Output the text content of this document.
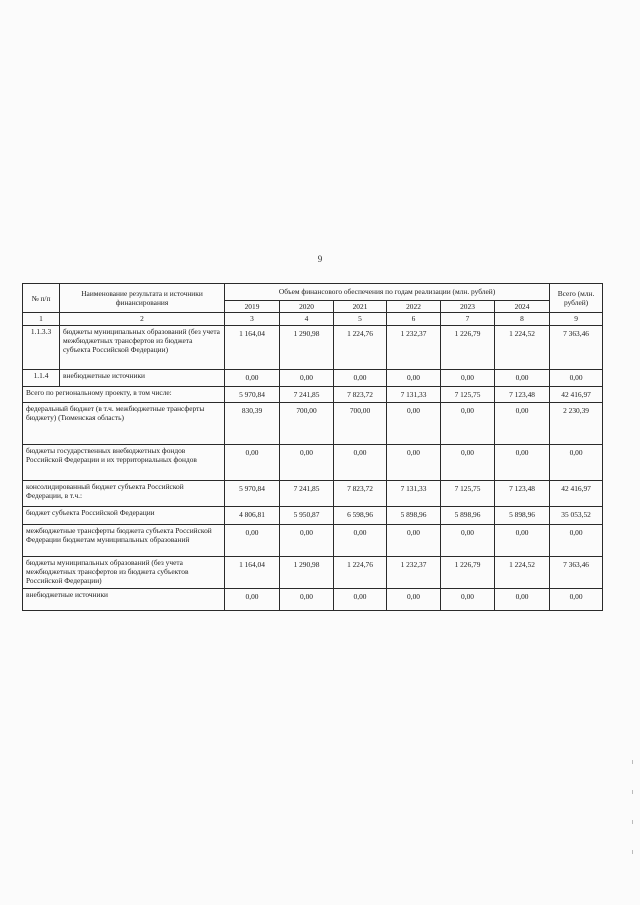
9
№ п/п	Наименование результата и источники финансирования	Объем финансового обеспечения по годам реализации (млн. рублей)						Всего (млн. рублей)
		2019	2020	2021	2022	2023	2024	
1	2	3	4	5	6	7	8	9
1.1.3.3	бюджеты муниципальных образований (без учета межбюджетных трансфертов из бюджета субъекта Российской Федерации)	1 164,04	1 290,98	1 224,76	1 232,37	1 226,79	1 224,52	7 363,46
1.1.4	внебюджетные источники	0,00	0,00	0,00	0,00	0,00	0,00	0,00
Всего по региональному проекту, в том числе:		5 970,84	7 241,85	7 823,72	7 131,33	7 125,75	7 123,48	42 416,97
федеральный бюджет (в т.ч. межбюджетные трансферты бюджету) (Тюменская область)		830,39	700,00	700,00	0,00	0,00	0,00	2 230,39
бюджеты государственных внебюджетных фондов Российской Федерации и их территориальных фондов		0,00	0,00	0,00	0,00	0,00	0,00	0,00
консолидированный бюджет субъекта Российской Федерации, в т.ч.:		5 970,84	7 241,85	7 823,72	7 131,33	7 125,75	7 123,48	42 416,97
бюджет субъекта Российской Федерации		4 806,81	5 950,87	6 598,96	5 898,96	5 898,96	5 898,96	35 053,52
межбюджетные трансферты бюджета субъекта Российской Федерации бюджетам муниципальных образований		0,00	0,00	0,00	0,00	0,00	0,00	0,00
бюджеты муниципальных образований (без учета межбюджетных трансфертов из бюджета субъектов Российской Федерации)		1 164,04	1 290,98	1 224,76	1 232,37	1 226,79	1 224,52	7 363,46
внебюджетные источники		0,00	0,00	0,00	0,00	0,00	0,00	0,00
